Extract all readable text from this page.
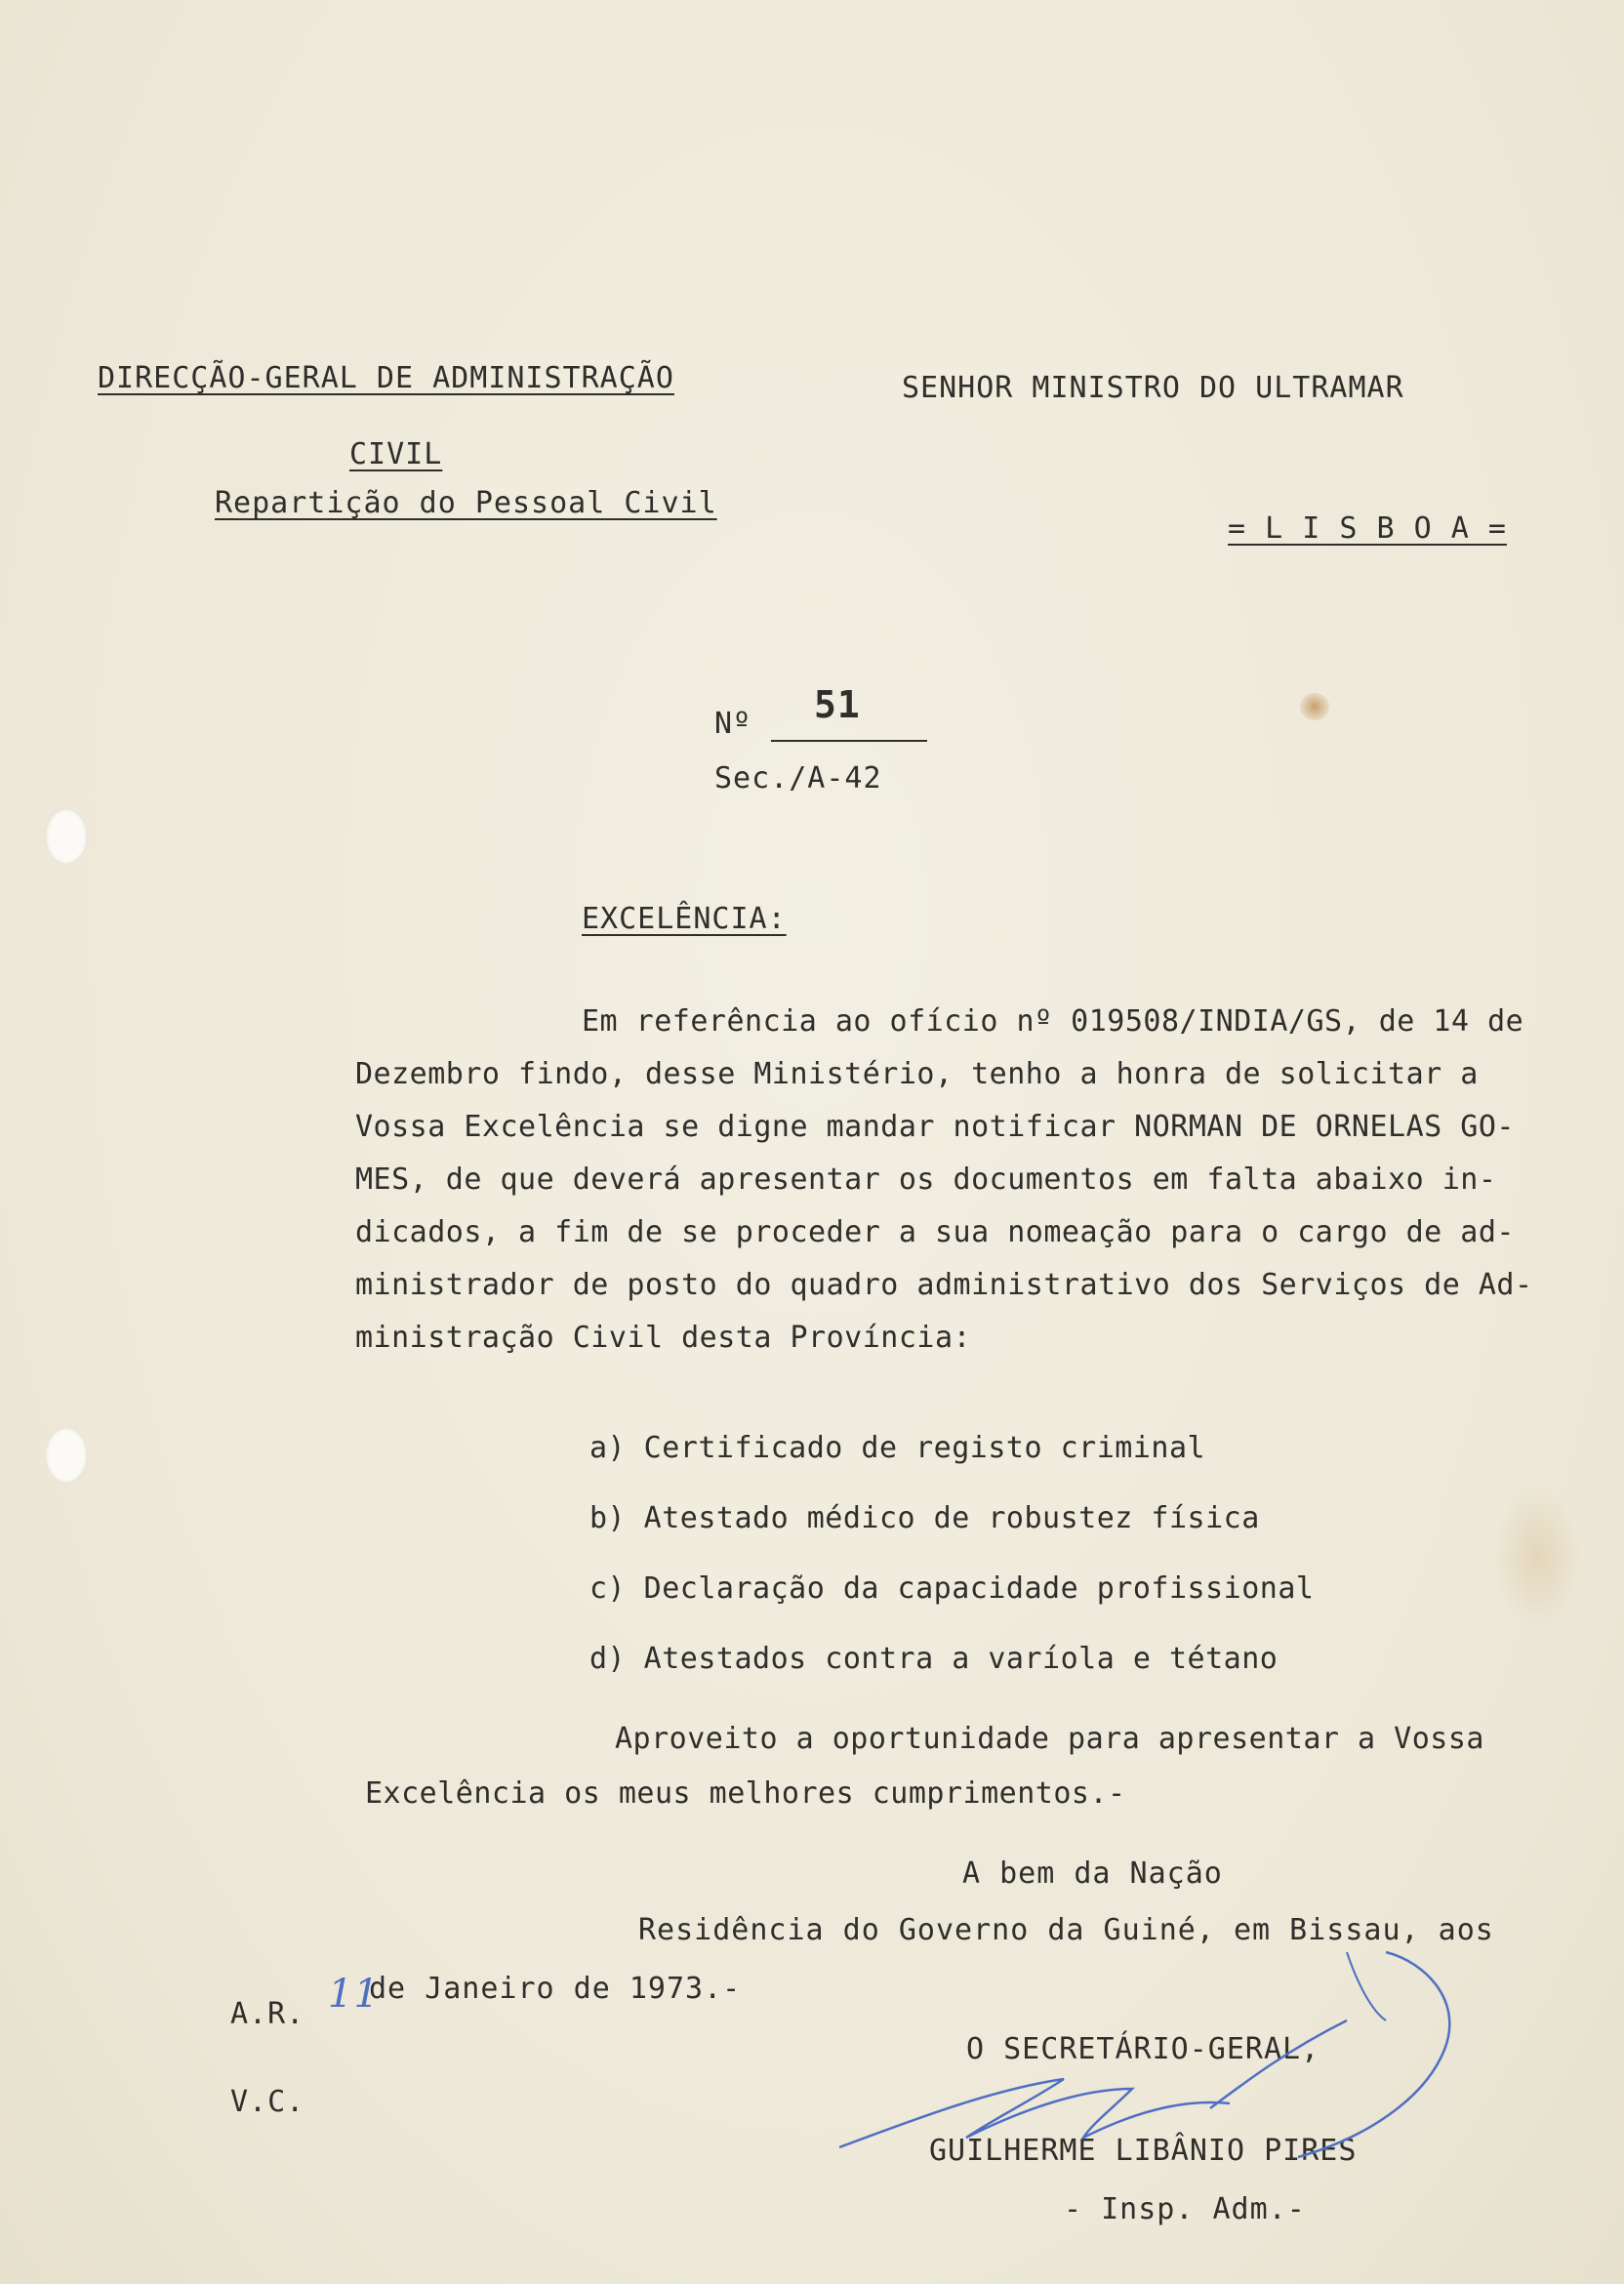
DIRECÇÃO-GERAL DE ADMINISTRAÇÃO
CIVIL
Repartição do Pessoal Civil
SENHOR MINISTRO DO ULTRAMAR
= L I S B O A =
Nº 51
Sec./A-42
EXCELÊNCIA:
Em referência ao ofício nº 019508/INDIA/GS, de 14 de
Dezembro findo, desse Ministério, tenho a honra de solicitar a
Vossa Excelência se digne mandar notificar NORMAN DE ORNELAS GO-
MES, de que deverá apresentar os documentos em falta abaixo in-
dicados, a fim de se proceder a sua nomeação para o cargo de ad-
ministrador de posto do quadro administrativo dos Serviços de Ad-
ministração Civil desta Província:
a) Certificado de registo criminal
b) Atestado médico de robustez física
c) Declaração da capacidade profissional
d) Atestados contra a varíola e tétano
Aproveito a oportunidade para apresentar a Vossa
Excelência os meus melhores cumprimentos.-
A bem da Nação
Residência do Governo da Guiné, em Bissau, aos
A.R. 11
de Janeiro de 1973.-
O SECRETÁRIO-GERAL,
V.C.
GUILHERME LIBÂNIO PIRES
- Insp. Adm.-
